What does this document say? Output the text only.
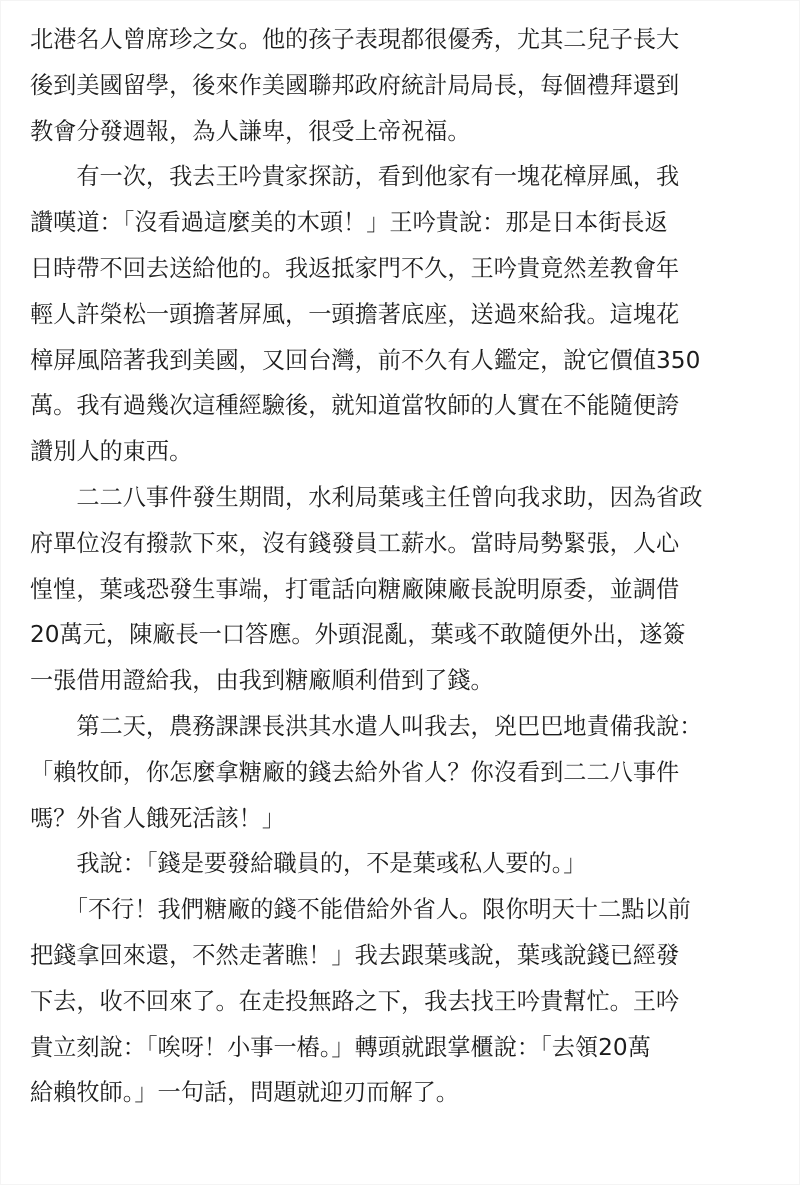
北港名人曾席珍之女。他的孩子表現都很優秀，尤其二兒子長大
後到美國留學，後來作美國聯邦政府統計局局長，每個禮拜還到
教會分發週報，為人謙卑，很受上帝祝福。
　　有一次，我去王吟貴家探訪，看到他家有一塊花樟屏風，我
讚嘆道：「沒看過這麼美的木頭！」王吟貴說：那是日本街長返
日時帶不回去送給他的。我返抵家門不久，王吟貴竟然差教會年
輕人許榮松一頭擔著屏風，一頭擔著底座，送過來給我。這塊花
樟屏風陪著我到美國，又回台灣，前不久有人鑑定，說它價值350
萬。我有過幾次這種經驗後，就知道當牧師的人實在不能隨便誇
讚別人的東西。
　　二二八事件發生期間，水利局葉彧主任曾向我求助，因為省政
府單位沒有撥款下來，沒有錢發員工薪水。當時局勢緊張，人心
惶惶，葉彧恐發生事端，打電話向糖廠陳廠長說明原委，並調借
20萬元，陳廠長一口答應。外頭混亂，葉彧不敢隨便外出，遂簽
一張借用證給我，由我到糖廠順利借到了錢。
　　第二天，農務課課長洪其水遣人叫我去，兇巴巴地責備我說：
「賴牧師，你怎麼拿糖廠的錢去給外省人？你沒看到二二八事件
嗎？外省人餓死活該！」
　　我說：「錢是要發給職員的，不是葉彧私人要的。」
　　「不行！我們糖廠的錢不能借給外省人。限你明天十二點以前
把錢拿回來還，不然走著瞧！」我去跟葉彧說，葉彧說錢已經發
下去，收不回來了。在走投無路之下，我去找王吟貴幫忙。王吟
貴立刻說：「唉呀！小事一樁。」轉頭就跟掌櫃說：「去領20萬
給賴牧師。」一句話，問題就迎刃而解了。
